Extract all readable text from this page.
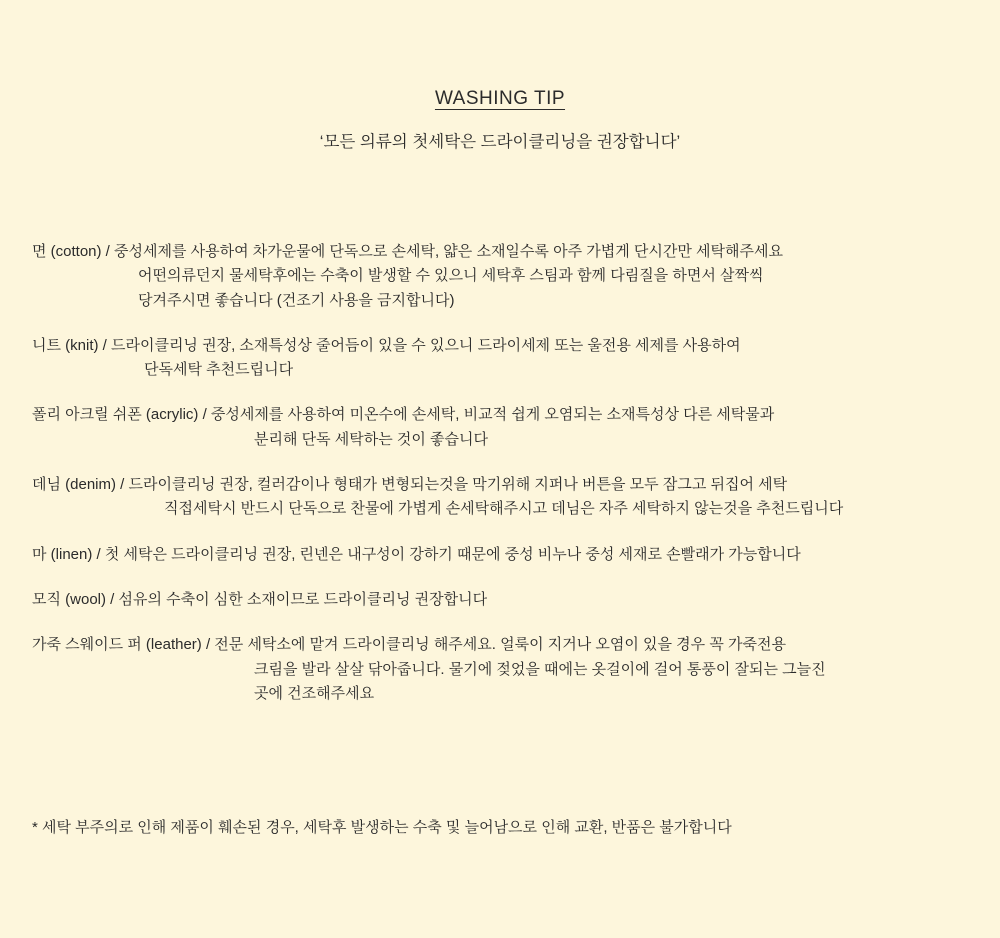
WASHING TIP
‘모든 의류의 첫세탁은 드라이클리닝을 권장합니다’
면 (cotton) / 중성세제를 사용하여 차가운물에 단독으로 손세탁, 얇은 소재일수록 아주 가볍게 단시간만 세탁해주세요
어떤의류던지 물세탁후에는 수축이 발생할 수 있으니 세탁후 스팀과 함께 다림질을 하면서 살짝씩
당겨주시면 좋습니다 (건조기 사용을 금지합니다)
니트 (knit) / 드라이클리닝 권장, 소재특성상 줄어듬이 있을 수 있으니 드라이세제 또는 울전용 세제를 사용하여
단독세탁 추천드립니다
폴리 아크릴 쉬폰 (acrylic) / 중성세제를 사용하여 미온수에 손세탁, 비교적 쉽게 오염되는 소재특성상 다른 세탁물과
분리해 단독 세탁하는 것이 좋습니다
데님 (denim) / 드라이클리닝 권장, 컬러감이나 형태가 변형되는것을 막기위해 지퍼나 버튼을 모두 잠그고 뒤집어 세탁
직접세탁시 반드시 단독으로 찬물에 가볍게 손세탁해주시고 데님은 자주 세탁하지 않는것을 추천드립니다
마 (linen) / 첫 세탁은 드라이클리닝 권장, 린넨은 내구성이 강하기 때문에 중성 비누나 중성 세재로 손빨래가 가능합니다
모직 (wool) / 섬유의 수축이 심한 소재이므로 드라이클리닝 권장합니다
가죽 스웨이드 퍼 (leather) / 전문 세탁소에 맡겨 드라이클리닝 해주세요. 얼룩이 지거나 오염이 있을 경우 꼭 가죽전용
크림을 발라 살살 닦아줍니다. 물기에 젖었을 때에는 옷걸이에 걸어 통풍이 잘되는 그늘진
곳에 건조해주세요
* 세탁 부주의로 인해 제품이 훼손된 경우, 세탁후 발생하는 수축 및 늘어남으로 인해 교환, 반품은 불가합니다
